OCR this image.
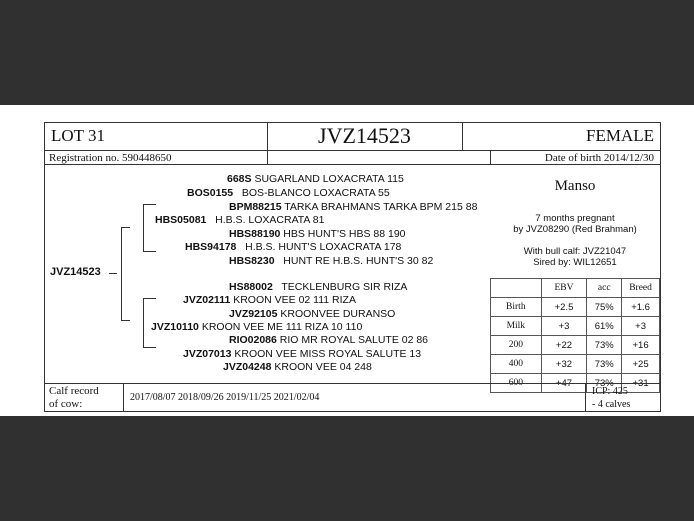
LOT 31	JVZ14523	FEMALE
Registration no. 590448650	Date of birth 2014/12/30
JVZ14523
668S SUGARLAND LOXACRATA 115
BOS0155 BOS-BLANCO LOXACRATA 55
BPM88215 TARKA BRAHMANS TARKA BPM 215 88
HBS05081 H.B.S. LOXACRATA 81
HBS88190 HBS HUNT'S HBS 88 190
HBS94178 H.B.S. HUNT'S LOXACRATA 178
HBS8230 HUNT RE H.B.S. HUNT'S 30 82
HS88002 TECKLENBURG SIR RIZA
JVZ02111 KROON VEE 02 111 RIZA
JVZ92105 KROONVEE DURANSO
JVZ10110 KROON VEE ME 111 RIZA 10 110
RIO02086 RIO MR ROYAL SALUTE 02 86
JVZ07013 KROON VEE MISS ROYAL SALUTE 13
JVZ04248 KROON VEE 04 248
Manso
7 months pregnant
by JVZ08290 (Red Brahman)
With bull calf: JVZ21047
Sired by: WIL12651
	EBV	acc	Breed
Birth	+2.5	75%	+1.6
Milk	+3	61%	+3
200	+22	73%	+16
400	+32	73%	+25
600	+47	73%	+31
Calf record
of cow:
2017/08/07 2018/09/26 2019/11/25 2021/02/04
ICP: 425
- 4 calves
